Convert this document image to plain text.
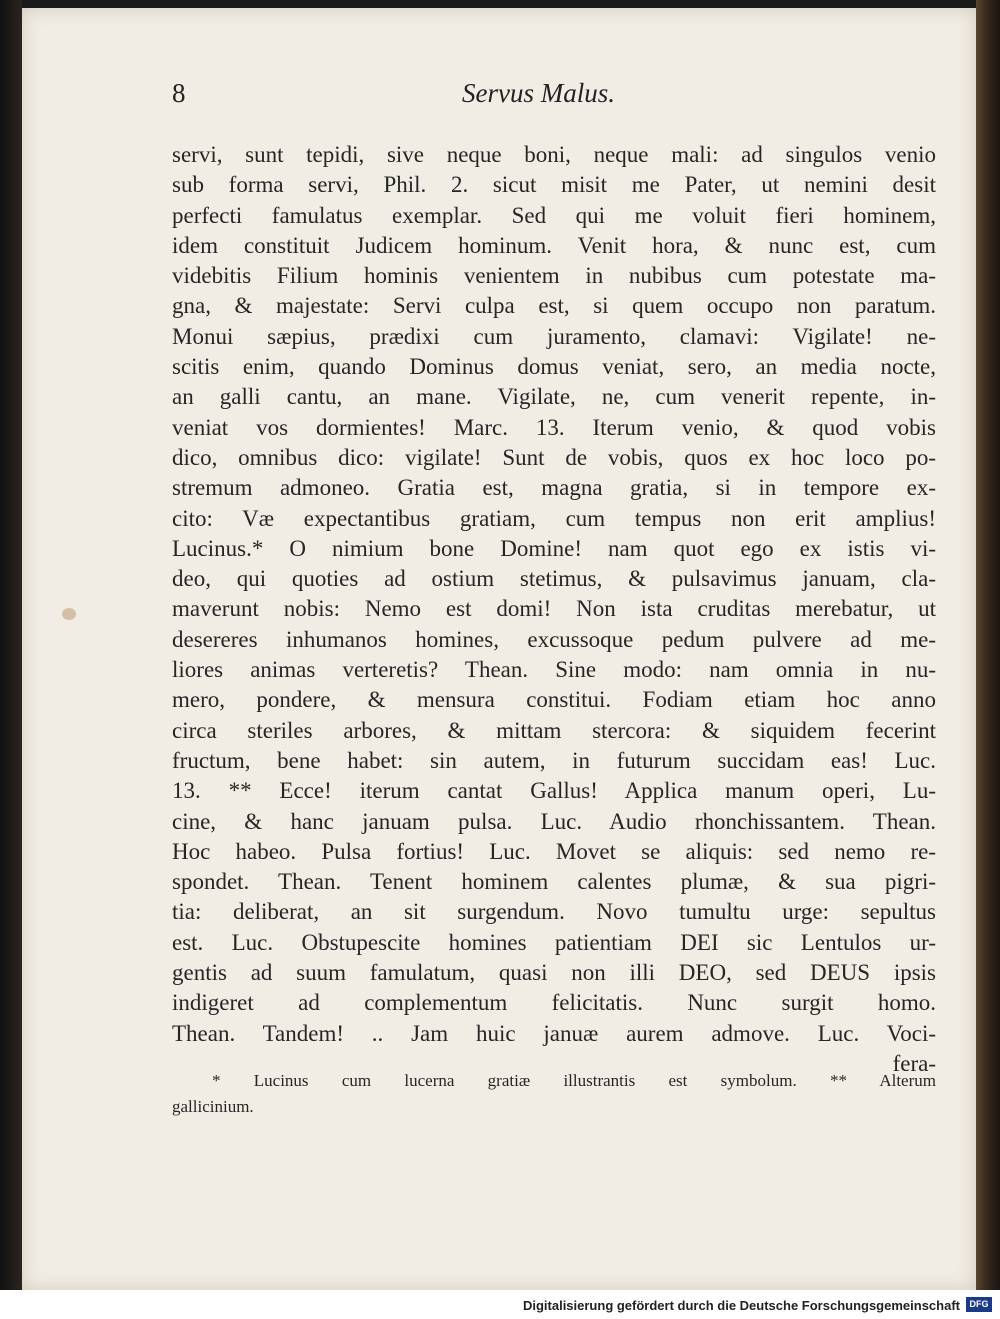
8	Servus Malus.
servi, sunt tepidi, sive neque boni, neque mali: ad singulos venio
sub forma servi, Phil. 2. sicut misit me Pater, ut nemini desit
perfecti famulatus exemplar. Sed qui me voluit fieri hominem,
idem constituit Judicem hominum. Venit hora, & nunc est, cum
videbitis Filium hominis venientem in nubibus cum potestate ma-
gna, & majestate: Servi culpa est, si quem occupo non paratum.
Monui sæpius, prædixi cum juramento, clamavi: Vigilate! ne-
scitis enim, quando Dominus domus veniat, sero, an media nocte,
an galli cantu, an mane. Vigilate, ne, cum venerit repente, in-
veniat vos dormientes! Marc. 13. Iterum venio, & quod vobis
dico, omnibus dico: vigilate! Sunt de vobis, quos ex hoc loco po-
stremum admoneo. Gratia est, magna gratia, si in tempore ex-
cito: Væ expectantibus gratiam, cum tempus non erit amplius!
Lucinus.* O nimium bone Domine! nam quot ego ex istis vi-
deo, qui quoties ad ostium stetimus, & pulsavimus januam, cla-
maverunt nobis: Nemo est domi! Non ista cruditas merebatur, ut
desereres inhumanos homines, excussoque pedum pulvere ad me-
liores animas verteretis? Thean. Sine modo: nam omnia in nu-
mero, pondere, & mensura constitui. Fodiam etiam hoc anno
circa steriles arbores, & mittam stercora: & siquidem fecerint
fructum, bene habet: sin autem, in futurum succidam eas! Luc.
13. ** Ecce! iterum cantat Gallus! Applica manum operi, Lu-
cine, & hanc januam pulsa. Luc. Audio rhonchissantem. Thean.
Hoc habeo. Pulsa fortius! Luc. Movet se aliquis: sed nemo re-
spondet. Thean. Tenent hominem calentes plumæ, & sua pigri-
tia: deliberat, an sit surgendum. Novo tumultu urge: sepultus
est. Luc. Obstupescite homines patientiam DEI sic Lentulos ur-
gentis ad suum famulatum, quasi non illi DEO, sed DEUS ipsis
indigeret ad complementum felicitatis. Nunc surgit homo.
Thean. Tandem! .. Jam huic januæ aurem admove. Luc. Voci-
fera-
* Lucinus cum lucerna gratiæ illustrantis est symbolum. ** Alterum
gallicinium.
Digitalisierung gefördert durch die Deutsche Forschungsgemeinschaft	DFG
